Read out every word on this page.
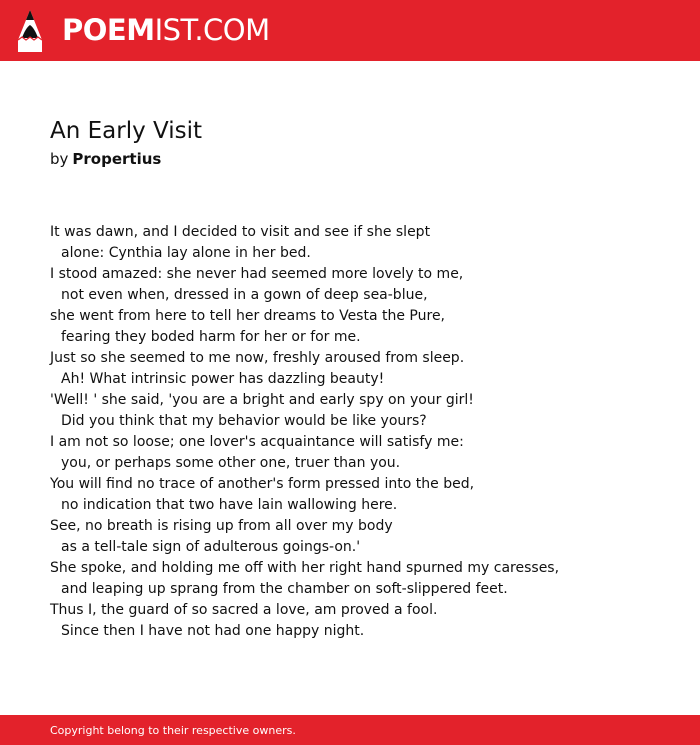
POEM IST.COM
An Early Visit
by Propertius
It was dawn, and I decided to visit and see if she slept
alone: Cynthia lay alone in her bed.
I stood amazed: she never had seemed more lovely to me,
not even when, dressed in a gown of deep sea-blue,
she went from here to tell her dreams to Vesta the Pure,
fearing they boded harm for her or for me.
Just so she seemed to me now, freshly aroused from sleep.
Ah! What intrinsic power has dazzling beauty!
'Well! ' she said, 'you are a bright and early spy on your girl!
Did you think that my behavior would be like yours?
I am not so loose; one lover's acquaintance will satisfy me:
you, or perhaps some other one, truer than you.
You will find no trace of another's form pressed into the bed,
no indication that two have lain wallowing here.
See, no breath is rising up from all over my body
as a tell-tale sign of adulterous goings-on.'
She spoke, and holding me off with her right hand spurned my caresses,
and leaping up sprang from the chamber on soft-slippered feet.
Thus I, the guard of so sacred a love, am proved a fool.
Since then I have not had one happy night.
Copyright belong to their respective owners.
